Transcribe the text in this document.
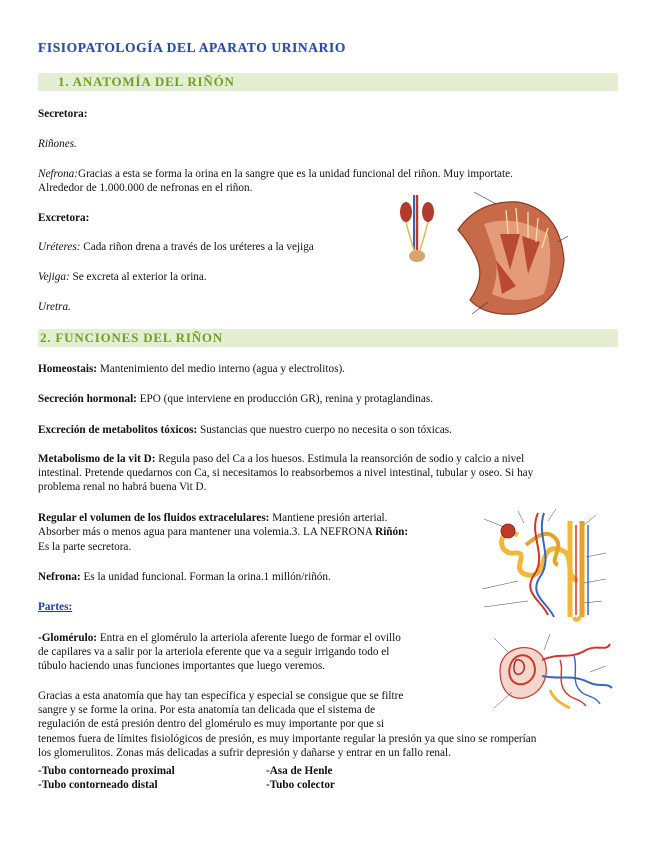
FISIOPATOLOGÍA DEL APARATO URINARIO
1. ANATOMÍA DEL RIÑÓN
Secretora:
Riñones.
Nefrona:Gracias a esta se forma la orina en la sangre que es la unidad funcional del riñon. Muy importate.
Alrededor de 1.000.000 de nefronas en el riñon.
Excretora:
Uréteres: Cada riñon drena a través de los uréteres a la vejiga
Vejiga: Se excreta al exterior la orina.
Uretra.
2. FUNCIONES DEL RIÑON
Homeostais: Mantenimiento del medio interno (agua y electrolitos).
Secreción hormonal: EPO (que interviene en producción GR), renina y protaglandinas.
Excreción de metabolitos tóxicos: Sustancias que nuestro cuerpo no necesita o son tóxicas.
Metabolismo de la vit D: Regula paso del Ca a los huesos. Estimula la reansorción de sodio y calcio a nivel
intestinal. Pretende quedarnos con Ca, si necesitamos lo reabsorbemos a nivel intestinal, tubular y oseo. Si hay
problema renal no habrá buena Vit D.
Regular el volumen de los fluidos extracelulares: Mantiene presión arterial.
Absorber más o menos agua para mantener una volemia.3. LA NEFRONA Riñón:
Es la parte secretora.
Nefrona: Es la unidad funcional. Forman la orina.1 millón/riñón.
Partes:
-Glomérulo: Entra en el glomérulo la arteriola aferente luego de formar el ovillo
de capilares va a salir por la arteriola eferente que va a seguir irrigando todo el
túbulo haciendo unas funciones importantes que luego veremos.
Gracias a esta anatomía que hay tan específica y especial se consigue que se filtre
sangre y se forme la orina. Por esta anatomía tan delicada que el sistema de
regulación de está presión dentro del glomérulo es muy importante por que si
tenemos fuera de límites fisiológicos de presión, es muy importante regular la presión ya que sino se romperían
los glomerulitos. Zonas más delicadas a sufrir depresión y dañarse y entrar en un fallo renal.
-Tubo contorneado proximal	-Asa de Henle
-Tubo contorneado distal	-Tubo colector
